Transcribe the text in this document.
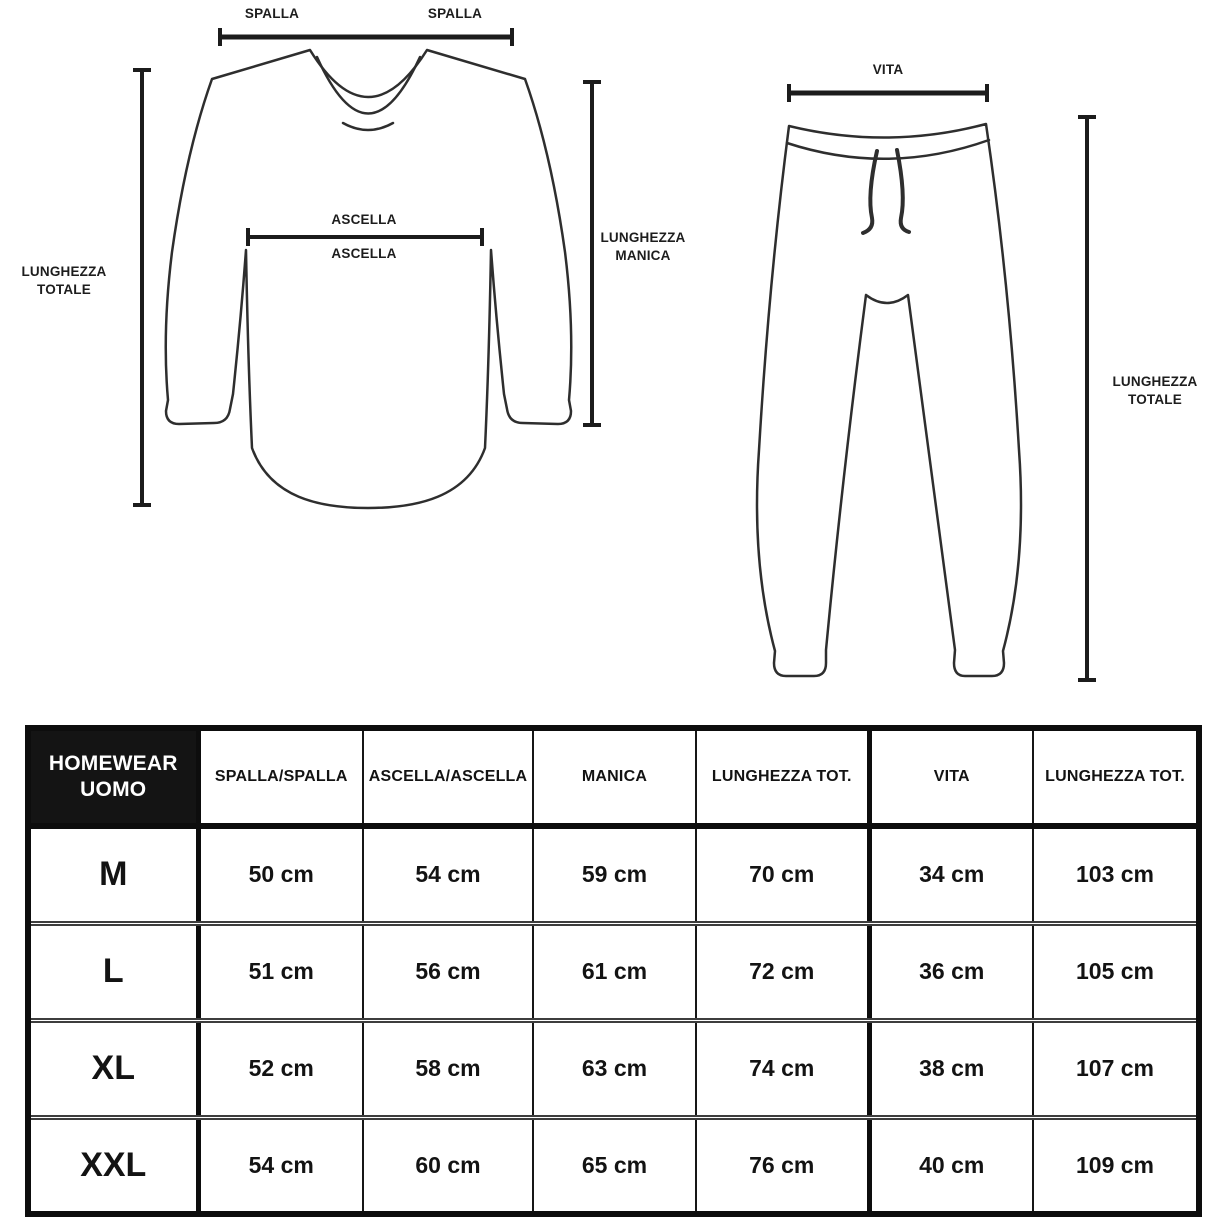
SPALLA	SPALLA
LUNGHEZZA TOTALE
ASCELLA
ASCELLA
LUNGHEZZA MANICA
VITA
LUNGHEZZA TOTALE
HOMEWEAR UOMO	SPALLA/SPALLA	ASCELLA/ASCELLA	MANICA	LUNGHEZZA TOT.	VITA	LUNGHEZZA TOT.
M	50 cm	54 cm	59 cm	70 cm	34 cm	103 cm
L	51 cm	56 cm	61 cm	72 cm	36 cm	105 cm
XL	52 cm	58 cm	63 cm	74 cm	38 cm	107 cm
XXL	54 cm	60 cm	65 cm	76 cm	40 cm	109 cm
